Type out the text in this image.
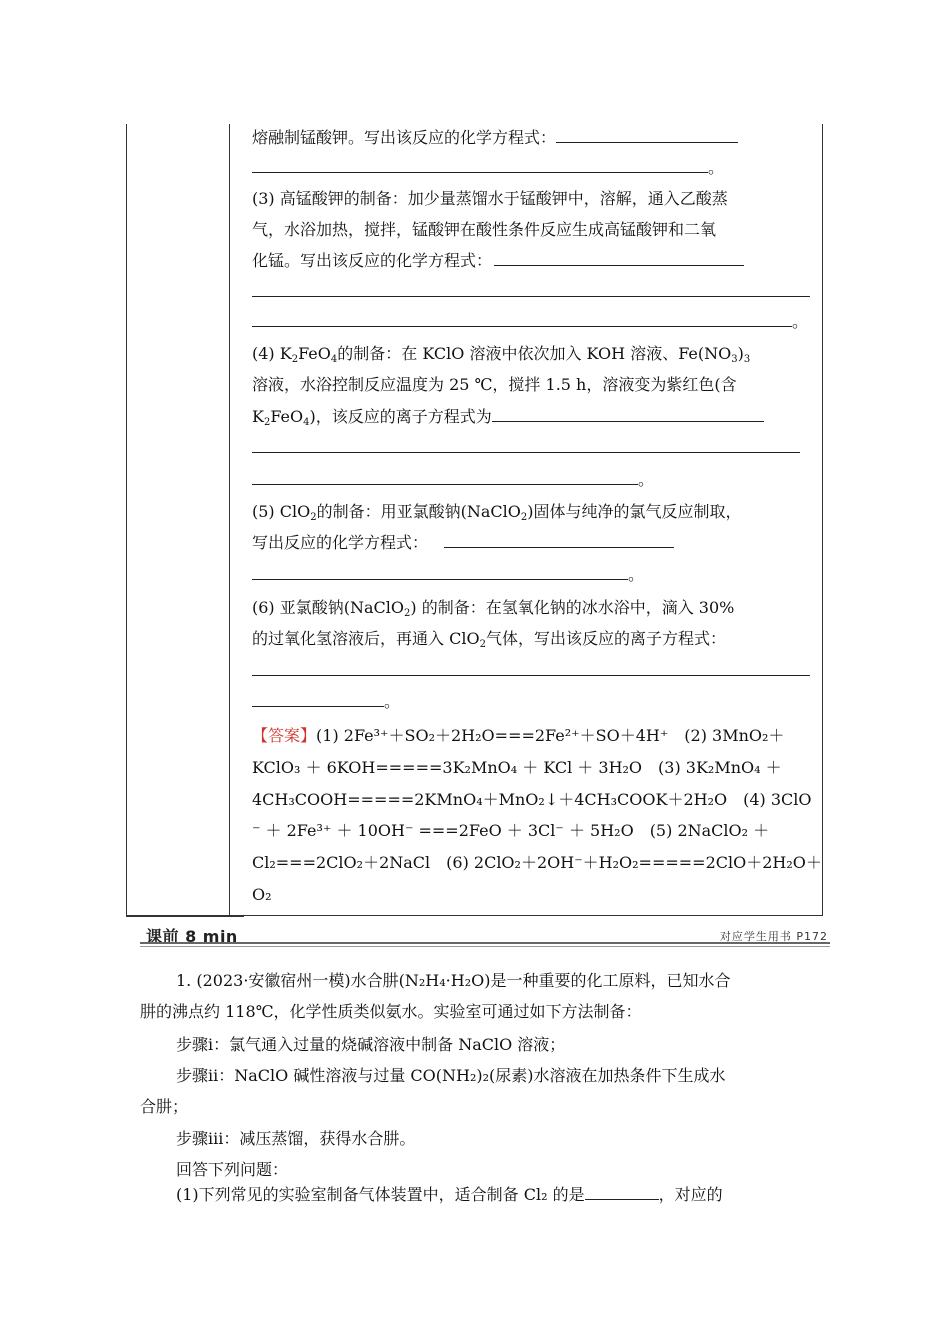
熔融制锰酸钾。写出该反应的化学方程式：
。
(3) 高锰酸钾的制备：加少量蒸馏水于锰酸钾中，溶解，通入乙酸蒸
气，水浴加热，搅拌，锰酸钾在酸性条件反应生成高锰酸钾和二氧
化锰。写出该反应的化学方程式：
。
(4) $K_2FeO_4$的制备：在 KClO 溶液中依次加入 KOH 溶液、$Fe(NO_3)_3$
溶液，水浴控制反应温度为 25 ℃，搅拌 1.5 h，溶液变为紫红色(含
$K_2FeO_4$)，该反应的离子方程式为
。
(5) ClO$_2$的制备：用亚氯酸钠(NaClO$_2$)固体与纯净的氯气反应制取，
写出反应的化学方程式：
。
(6) 亚氯酸钠(NaClO$_2$) 的制备：在氢氧化钠的冰水浴中，滴入 30%
的过氧化氢溶液后，再通入 ClO$_2$气体，写出该反应的离子方程式：
。
【答案】(1) 2Fe³⁺＋SO₂＋2H₂O===2Fe²⁺＋SO＋4H⁺　(2) 3MnO₂＋
KClO₃ ＋ 6KOH=====3K₂MnO₄ ＋ KCl ＋ 3H₂O　(3) 3K₂MnO₄ ＋
4CH₃COOH=====2KMnO₄＋MnO₂↓＋4CH₃COOK＋2H₂O　(4) 3ClO
⁻ ＋ 2Fe³⁺ ＋ 10OH⁻ ===2FeO ＋ 3Cl⁻ ＋ 5H₂O　(5) 2NaClO₂ ＋
Cl₂===2ClO₂＋2NaCl　(6) 2ClO₂＋2OH⁻＋H₂O₂=====2ClO＋2H₂O＋
O₂
课前 8 min	对应学生用书 P172
1. (2023·安徽宿州一模)水合肼(N₂H₄·H₂O)是一种重要的化工原料，已知水合
肼的沸点约 118℃，化学性质类似氨水。实验室可通过如下方法制备：
步骤ⅰ：氯气通入过量的烧碱溶液中制备 NaClO 溶液；
步骤ⅱ：NaClO 碱性溶液与过量 CO(NH₂)₂(尿素)水溶液在加热条件下生成水
合肼；
步骤ⅲ：减压蒸馏，获得水合肼。
回答下列问题：
(1)下列常见的实验室制备气体装置中，适合制备 Cl₂ 的是	，对应的
